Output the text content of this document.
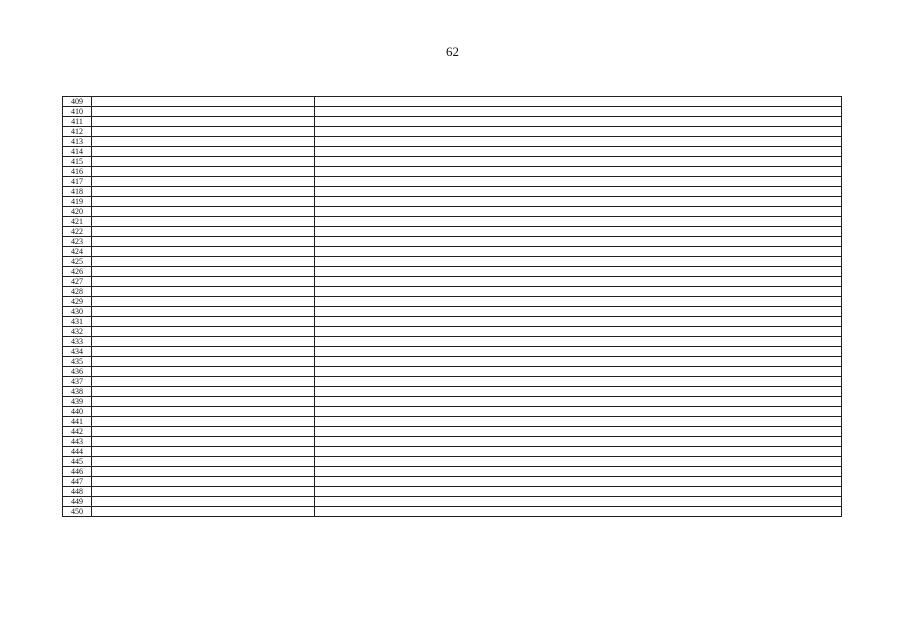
62
409		
410		
411		
412		
413		
414		
415		
416		
417		
418		
419		
420		
421		
422		
423		
424		
425		
426		
427		
428		
429		
430		
431		
432		
433		
434		
435		
436		
437		
438		
439		
440		
441		
442		
443		
444		
445		
446		
447		
448		
449		
450		
